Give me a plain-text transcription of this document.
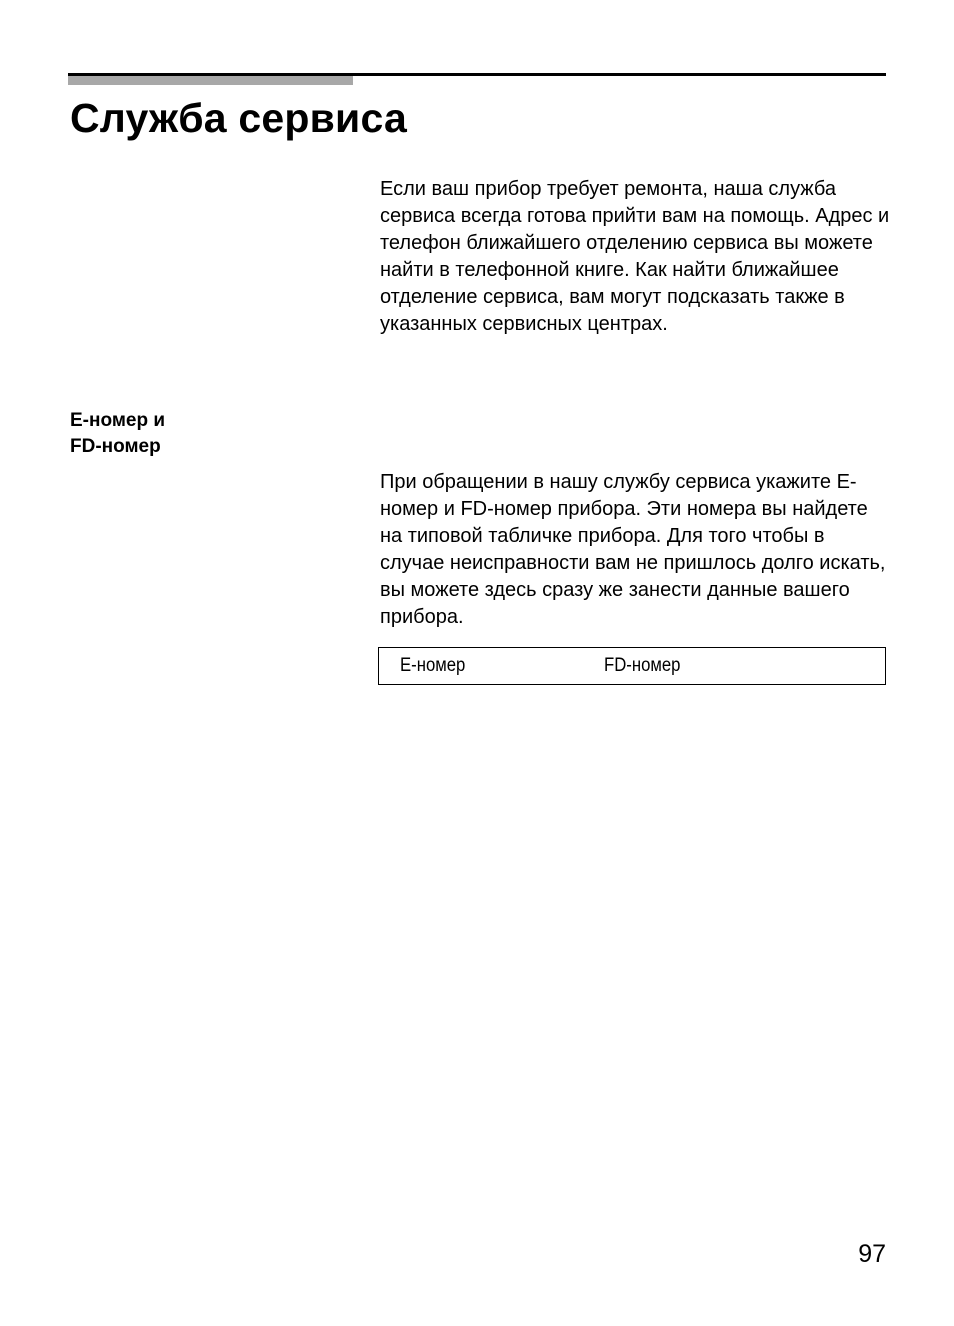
Служба сервиса

Если ваш прибор требует ремонта, наша служба сервиса всегда готова прийти вам на помощь. Адрес и телефон ближайшего отделению сервиса вы можете найти в телефонной книге. Как найти ближайшее отделение сервиса, вам могут подсказать также в указанных сервисных центрах.

E-номер и
FD-номер

При обращении в нашу службу сервиса укажите E-номер и FD-номер прибора. Эти номера вы найдете на типовой табличке прибора. Для того чтобы в случае неисправности вам не пришлось долго искать, вы можете здесь сразу же занести данные вашего прибора.

E-номер	FD-номер
97
